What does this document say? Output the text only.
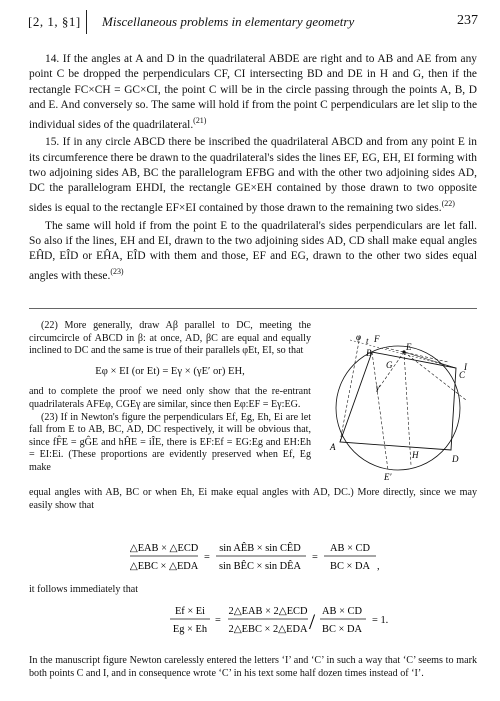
[2, 1, §1] Miscellaneous problems in elementary geometry	237

14. If the angles at A and D in the quadrilateral ABDE are right and to AB and AE from any point C be dropped the perpendiculars CF, CI intersecting BD and DE in H and G, then if the rectangle FC×CH = GC×CI, the point C will be in the circle passing through the points A, B, D and E. And conversely so. The same will hold if from the point C perpendiculars are let slip to the individual sides of the quadrilateral.$^{(21)}$

15. If in any circle ABCD there be inscribed the quadrilateral ABCD and from any point E in its circumference there be drawn to the quadrilateral's sides the lines EF, EG, EH, EI forming with two adjoining sides AB, BC the parallelogram EFBG and with the other two adjoining sides AD, DC the parallelogram EHDI, the rectangle GE×EH contained by those drawn to two opposite sides is equal to the rectangle EF×EI contained by those drawn to the remaining two sides.$^{(22)}$

The same will hold if from the point E to the quadrilateral's sides perpendiculars are let fall. So also if the lines, EH and EI, drawn to the two adjoining sides AD, CD shall make equal angles EĤD, EÎD or EĤA, EÎD with them and those, EF and EG, drawn to the other two sides equal angles with these.$^{(23)}$

(22) More generally, draw Aβ parallel to DC, meeting the circumcircle of ABCD in β: at once, AD, βC are equal and equally inclined to DC and the same is true of their parallels φEt, EI, so that

Eφ × EI (or Et) = Eγ × (γE′ or) EH,

and to complete the proof we need only show that the re-entrant quadrilaterals AFEφ, CGEγ are similar, since then Eφ:EF = Eγ:EG.

(23) If in Newton's figure the perpendiculars Ef, Eg, Eh, Ei are let fall from E to AB, BC, AD, DC respectively, it will be obvious that, since fF̂E = gĜE and hĤE = iÎE, there is EF:Ef = EG:Eg and EH:Eh = EI:Ei. (These proportions are evidently preserved when Ef, Eg make

equal angles with AB, BC or when Eh, Ei make equal angles with AD, DC.) More directly, since we may easily show that

△EAB × △ECD
△EBC × △EDA
=
sin AÊB × sin CÊD
sin BÊC × sin DÊA
=
AB × CD
BC × DA ,
it follows immediately that
Ef × Ei
Eg × Eh
=
2△EAB × 2△ECD
2△EBC × 2△EDA / AB × CD
BC × DA
= 1.
In the manuscript figure Newton carelessly entered the letters ‘I’ and ‘C’ in such a way that ‘C’ seems to mark both points C and I, and in consequence wrote ‘C’ in his text some half dozen times instead of ‘I’.
φ t F
B
E
G	I
C
γ
H
A
D
E′
